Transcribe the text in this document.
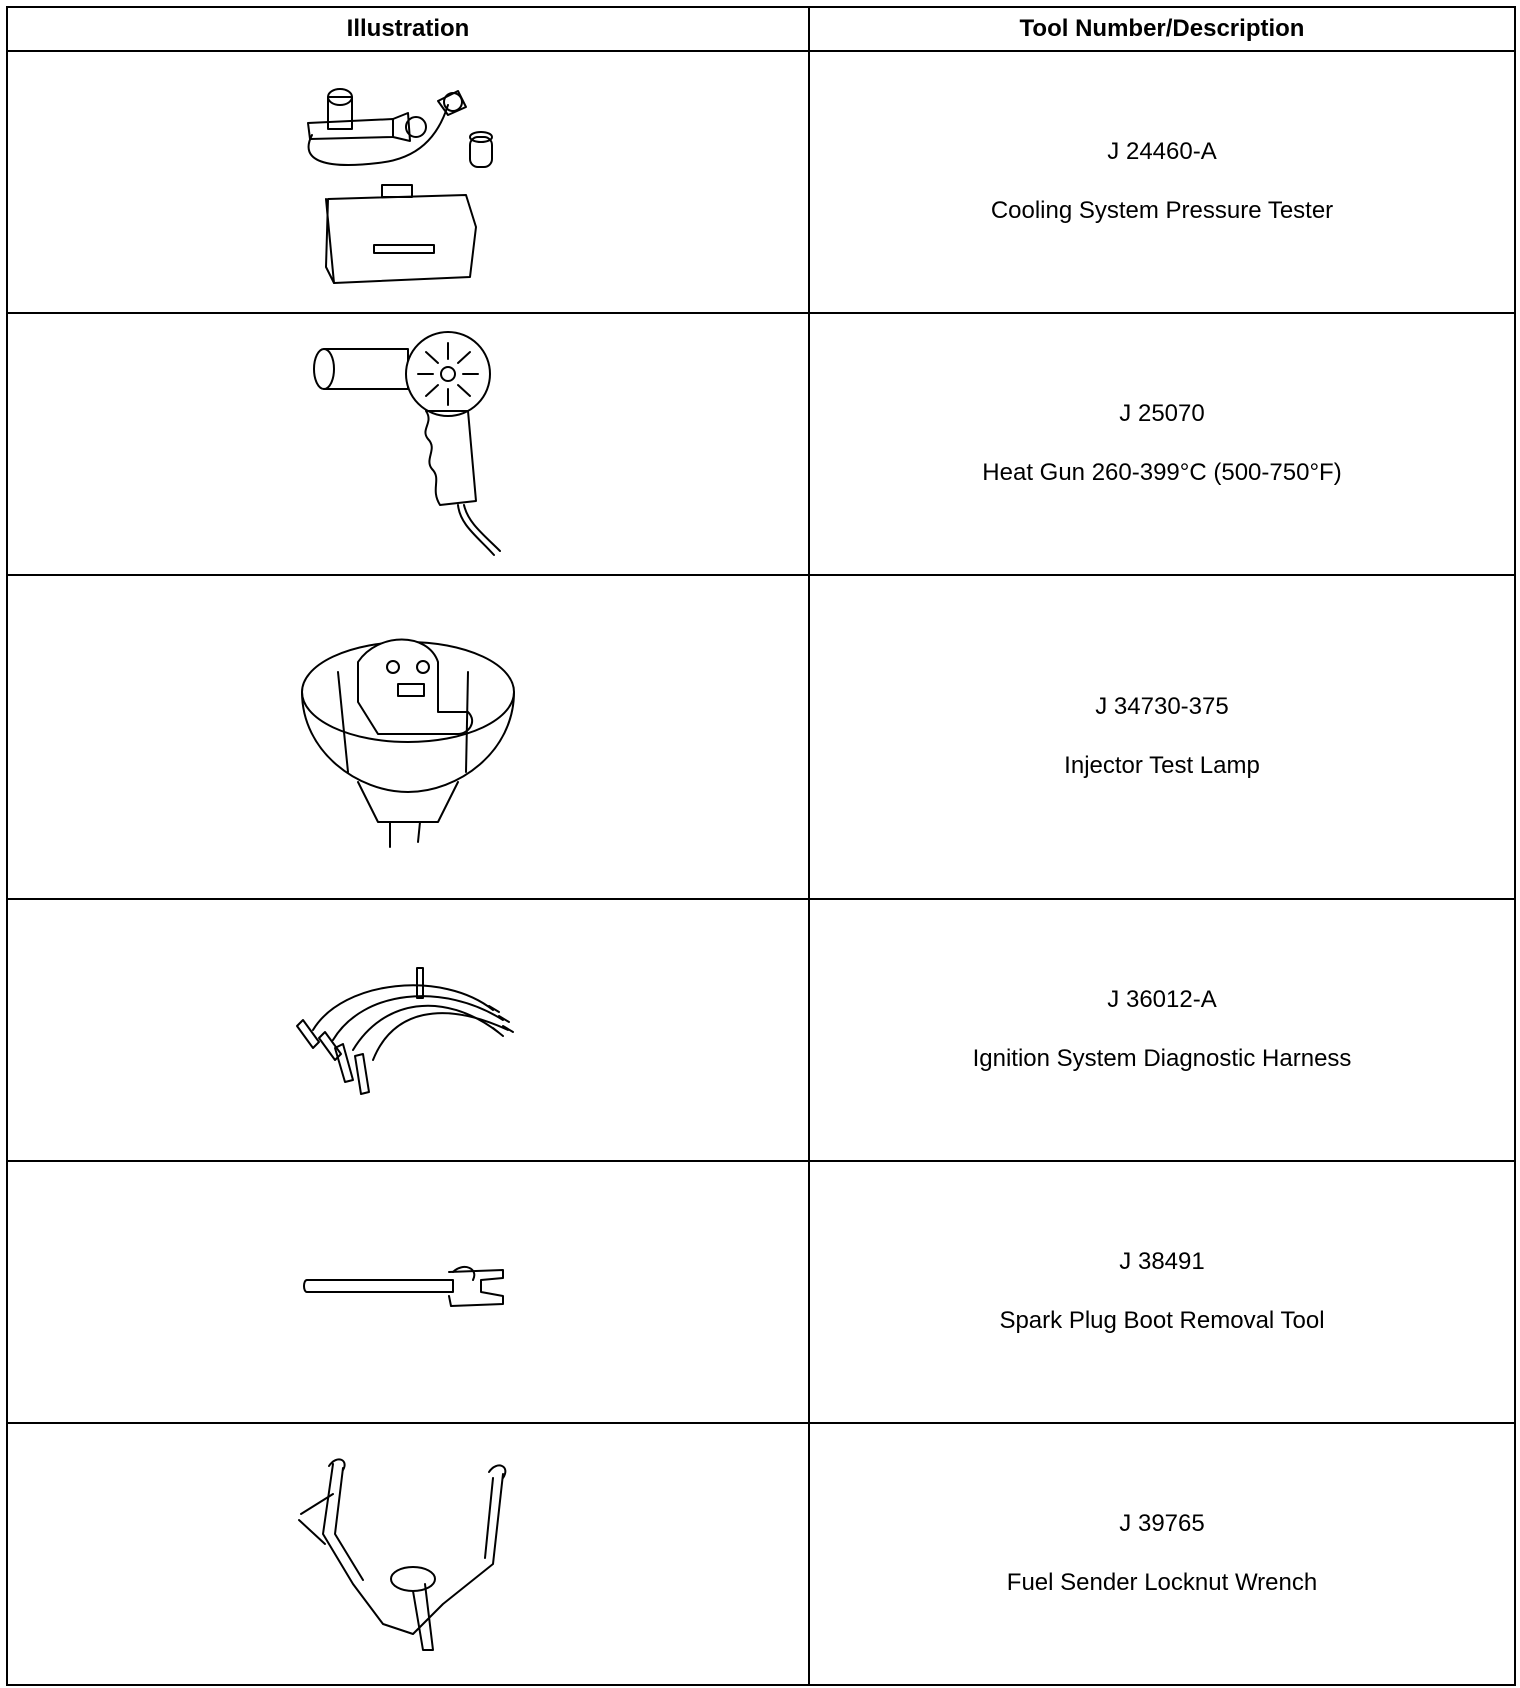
Illustration	Tool Number/Description

J 24460-A
Cooling System Pressure Tester

J 25070
Heat Gun 260-399°C (500-750°F)

J 34730-375
Injector Test Lamp

J 36012-A
Ignition System Diagnostic Harness

J 38491
Spark Plug Boot Removal Tool

J 39765
Fuel Sender Locknut Wrench
